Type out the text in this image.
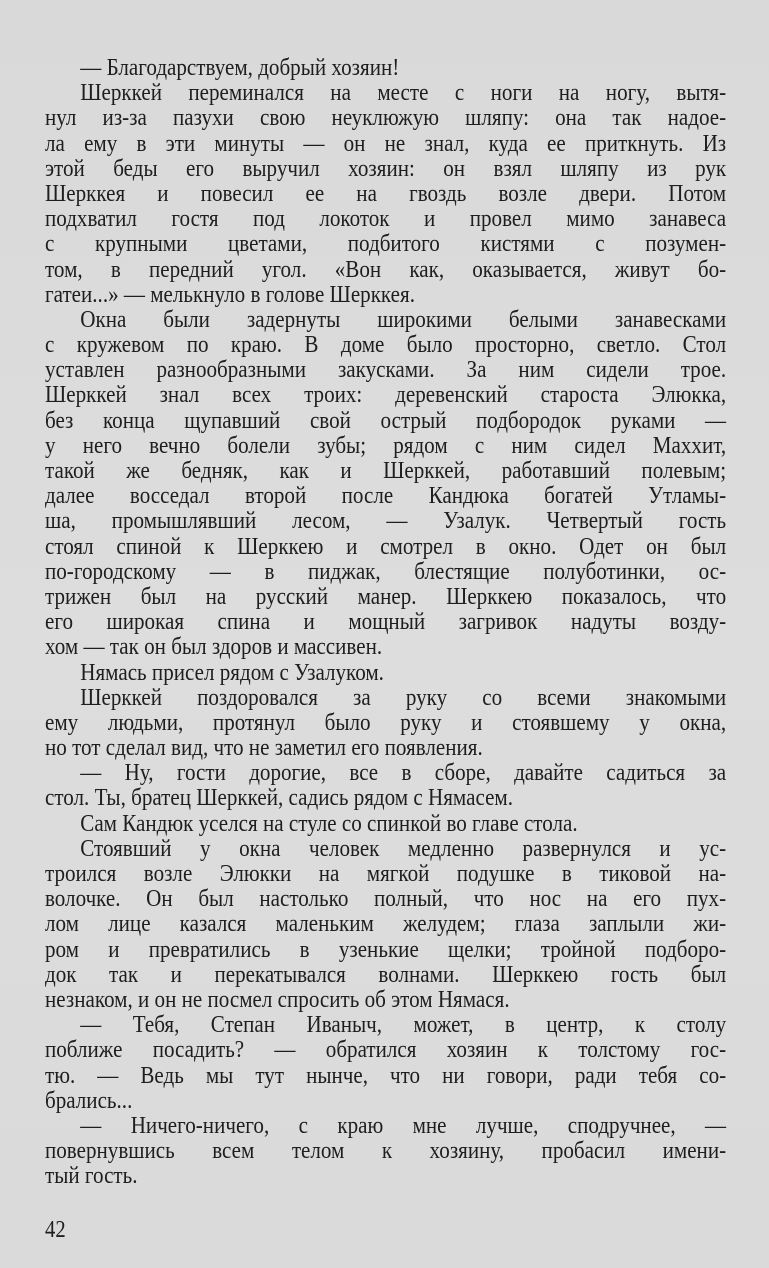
— Благодарствуем, добрый хозяин!
Шерккей переминался на месте с ноги на ногу, вытя-
нул из-за пазухи свою неуклюжую шляпу: она так надое-
ла ему в эти минуты — он не знал, куда ее приткнуть. Из
этой беды его выручил хозяин: он взял шляпу из рук
Шерккея и повесил ее на гвоздь возле двери. Потом
подхватил гостя под локоток и провел мимо занавеса
с крупными цветами, подбитого кистями с позумен-
том, в передний угол. «Вон как, оказывается, живут бо-
гатеи...» — мелькнуло в голове Шерккея.
Окна были задернуты широкими белыми занавесками
с кружевом по краю. В доме было просторно, светло. Стол
уставлен разнообразными закусками. За ним сидели трое.
Шерккей знал всех троих: деревенский староста Элюкка,
без конца щупавший свой острый подбородок руками —
у него вечно болели зубы; рядом с ним сидел Маххит,
такой же бедняк, как и Шерккей, работавший полевым;
далее восседал второй после Кандюка богатей Утламы-
ша, промышлявший лесом, — Узалук. Четвертый гость
стоял спиной к Шерккею и смотрел в окно. Одет он был
по-городскому — в пиджак, блестящие полуботинки, ос-
трижен был на русский манер. Шерккею показалось, что
его широкая спина и мощный загривок надуты возду-
хом — так он был здоров и массивен.
Нямась присел рядом с Узалуком.
Шерккей поздоровался за руку со всеми знакомыми
ему людьми, протянул было руку и стоявшему у окна,
но тот сделал вид, что не заметил его появления.
— Ну, гости дорогие, все в сборе, давайте садиться за
стол. Ты, братец Шерккей, садись рядом с Нямасем.
Сам Кандюк уселся на стуле со спинкой во главе стола.
Стоявший у окна человек медленно развернулся и ус-
троился возле Элюкки на мягкой подушке в тиковой на-
волочке. Он был настолько полный, что нос на его пух-
лом лице казался маленьким желудем; глаза заплыли жи-
ром и превратились в узенькие щелки; тройной подборо-
док так и перекатывался волнами. Шерккею гость был
незнаком, и он не посмел спросить об этом Нямася.
— Тебя, Степан Иваныч, может, в центр, к столу
поближе посадить? — обратился хозяин к толстому гос-
тю. — Ведь мы тут нынче, что ни говори, ради тебя со-
брались...
— Ничего-ничего, с краю мне лучше, сподручнее, —
повернувшись всем телом к хозяину, пробасил имени-
тый гость.
42
